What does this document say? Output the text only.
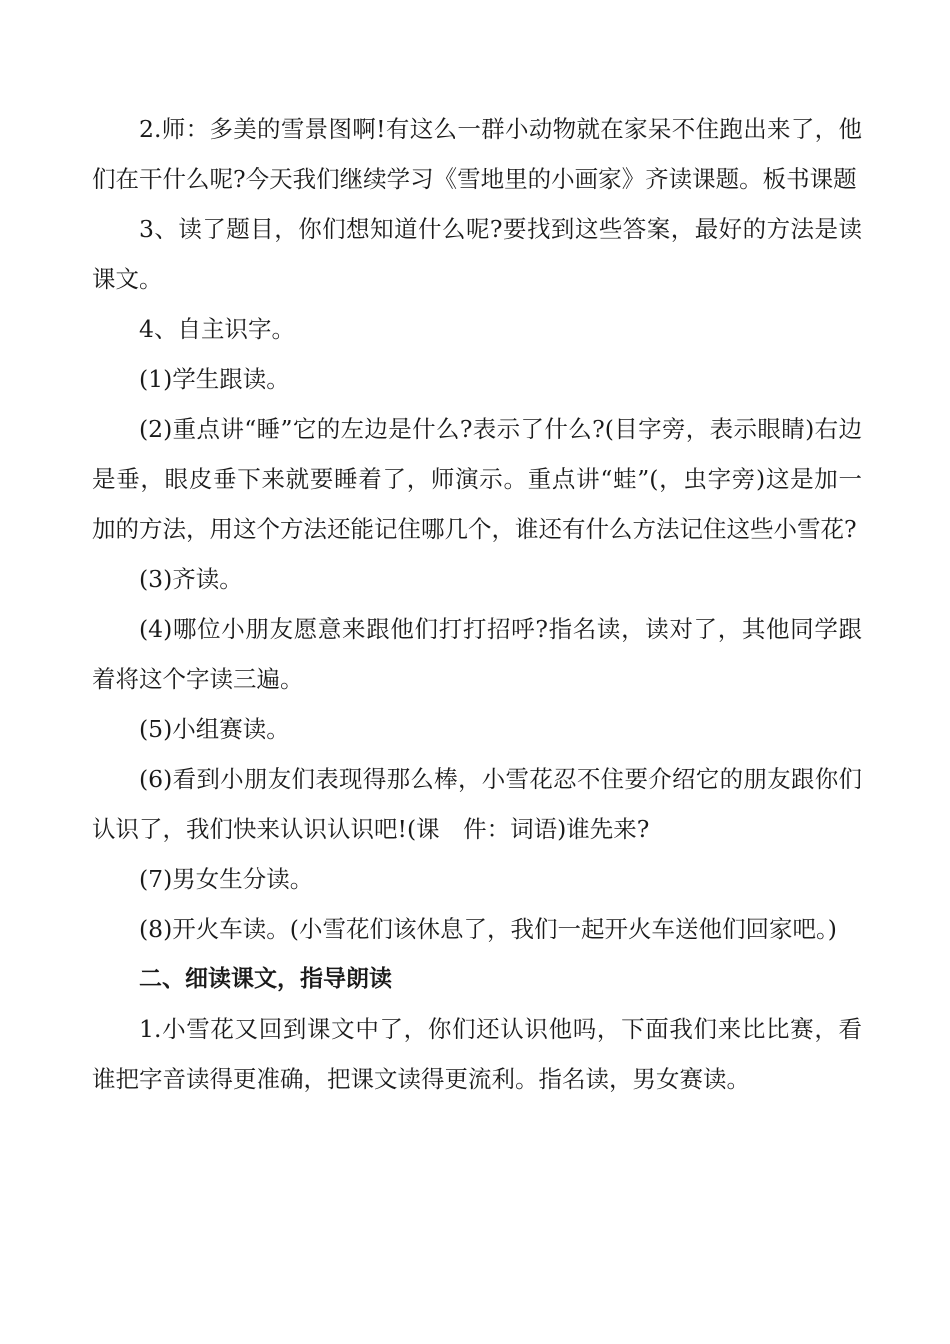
2.师：多美的雪景图啊!有这么一群小动物就在家呆不住跑出来了，他们在干什么呢?今天我们继续学习《雪地里的小画家》齐读课题。板书课题

3、读了题目，你们想知道什么呢?要找到这些答案，最好的方法是读课文。

4、自主识字。

(1)学生跟读。

(2)重点讲“睡”它的左边是什么?表示了什么?(目字旁，表示眼睛)右边是垂，眼皮垂下来就要睡着了，师演示。重点讲“蛙”(，虫字旁)这是加一加的方法，用这个方法还能记住哪几个，谁还有什么方法记住这些小雪花?

(3)齐读。

(4)哪位小朋友愿意来跟他们打打招呼?指名读，读对了，其他同学跟着将这个字读三遍。

(5)小组赛读。

(6)看到小朋友们表现得那么棒，小雪花忍不住要介绍它的朋友跟你们认识了，我们快来认识认识吧!(课　件：词语)谁先来?

(7)男女生分读。

(8)开火车读。(小雪花们该休息了，我们一起开火车送他们回家吧。)

二、细读课文，指导朗读

1.小雪花又回到课文中了，你们还认识他吗，下面我们来比比赛，看谁把字音读得更准确，把课文读得更流利。指名读，男女赛读。
